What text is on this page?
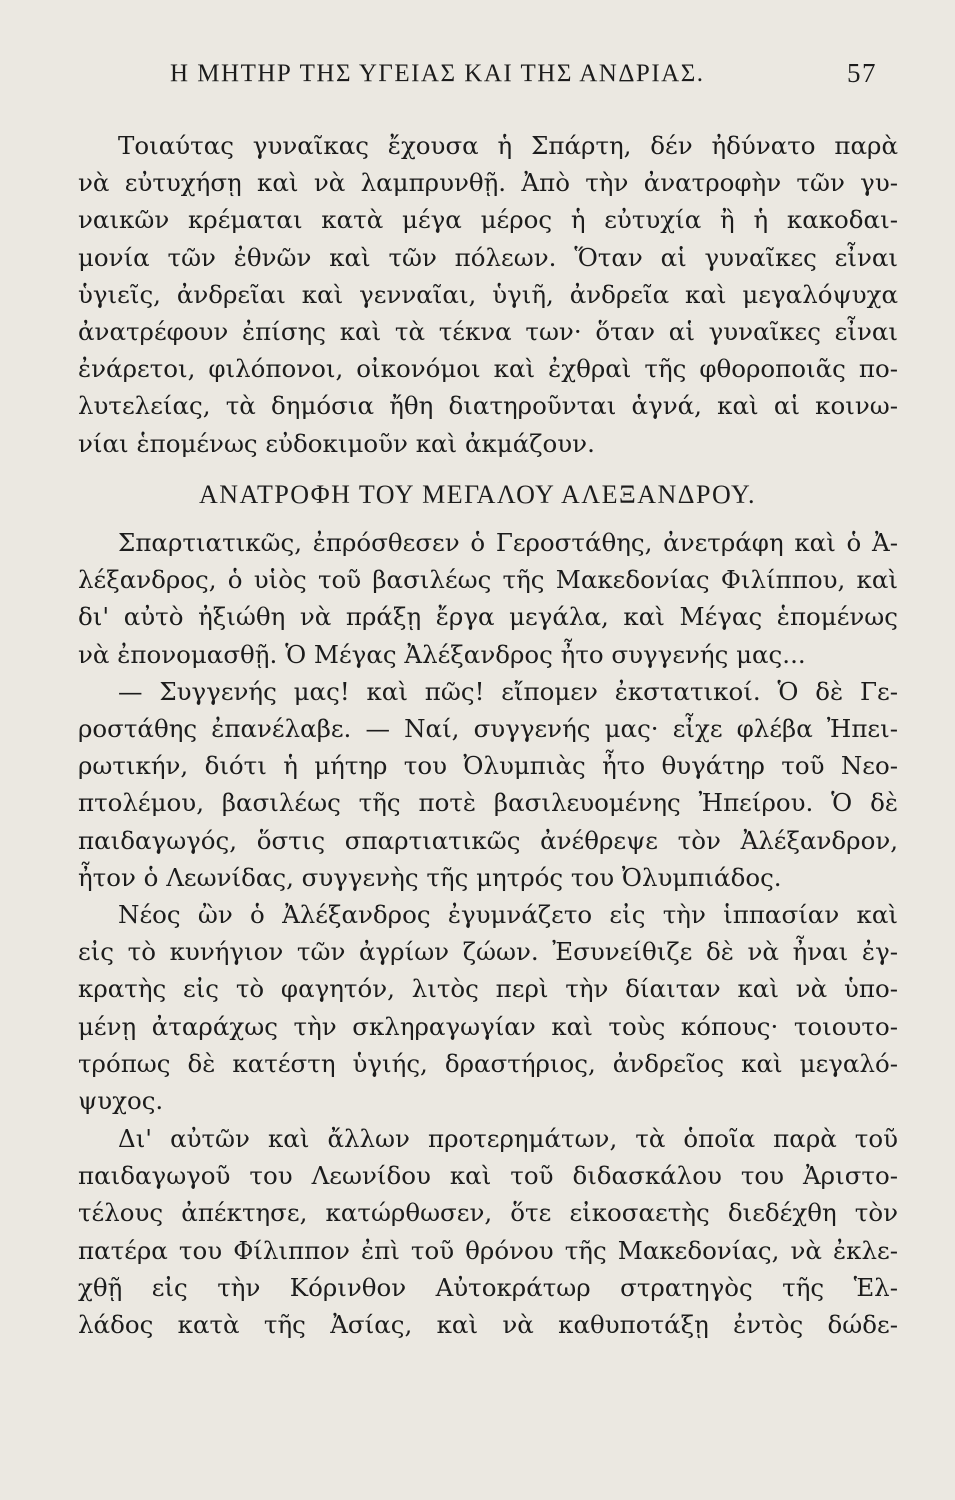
Η ΜΗΤΗΡ ΤΗΣ ΥΓΕΙΑΣ ΚΑΙ ΤΗΣ ΑΝΔΡΙΑΣ.	57
Τοιαύτας γυναῖκας ἔχουσα ἡ Σπάρτη, δέν ἠδύνατο παρὰ
νὰ εὐτυχήσῃ καὶ νὰ λαμπρυνθῇ. Ἀπὸ τὴν ἀνατροφὴν τῶν γυ-
ναικῶν κρέμαται κατὰ μέγα μέρος ἡ εὐτυχία ἢ ἡ κακοδαι-
μονία τῶν ἐθνῶν καὶ τῶν πόλεων. Ὅταν αἱ γυναῖκες εἶναι
ὑγιεῖς, ἀνδρεῖαι καὶ γενναῖαι, ὑγιῆ, ἀνδρεῖα καὶ μεγαλόψυχα
ἀνατρέφουν ἐπίσης καὶ τὰ τέκνα των· ὅταν αἱ γυναῖκες εἶναι
ἐνάρετοι, φιλόπονοι, οἰκονόμοι καὶ ἐχθραὶ τῆς φθοροποιᾶς πο-
λυτελείας, τὰ δημόσια ἤθη διατηροῦνται ἁγνά, καὶ αἱ κοινω-
νίαι ἑπομένως εὐδοκιμοῦν καὶ ἀκμάζουν.
ΑΝΑΤΡΟΦΗ ΤΟΥ ΜΕΓΑΛΟΥ ΑΛΕΞΑΝΔΡΟΥ.
Σπαρτιατικῶς, ἐπρόσθεσεν ὁ Γεροστάθης, ἀνετράφη καὶ ὁ Ἀ-
λέξανδρος, ὁ υἱὸς τοῦ βασιλέως τῆς Μακεδονίας Φιλίππου, καὶ
δι' αὐτὸ ἠξιώθη νὰ πράξῃ ἔργα μεγάλα, καὶ Μέγας ἑπομένως
νὰ ἐπονομασθῇ. Ὁ Μέγας Ἀλέξανδρος ἦτο συγγενής μας...
— Συγγενής μας! καὶ πῶς! εἴπομεν ἐκστατικοί. Ὁ δὲ Γε-
ροστάθης ἐπανέλαβε. — Ναί, συγγενής μας· εἶχε φλέβα Ἠπει-
ρωτικήν, διότι ἡ μήτηρ του Ὀλυμπιὰς ἦτο θυγάτηρ τοῦ Νεο-
πτολέμου, βασιλέως τῆς ποτὲ βασιλευομένης Ἠπείρου. Ὁ δὲ
παιδαγωγός, ὅστις σπαρτιατικῶς ἀνέθρεψε τὸν Ἀλέξανδρον,
ἦτον ὁ Λεωνίδας, συγγενὴς τῆς μητρός του Ὀλυμπιάδος.
Νέος ὢν ὁ Ἀλέξανδρος ἐγυμνάζετο εἰς τὴν ἱππασίαν καὶ
εἰς τὸ κυνήγιον τῶν ἀγρίων ζώων. Ἐσυνείθιζε δὲ νὰ ἦναι ἐγ-
κρατὴς εἰς τὸ φαγητόν, λιτὸς περὶ τὴν δίαιταν καὶ νὰ ὑπο-
μένῃ ἀταράχως τὴν σκληραγωγίαν καὶ τοὺς κόπους· τοιουτο-
τρόπως δὲ κατέστη ὑγιής, δραστήριος, ἀνδρεῖος καὶ μεγαλό-
ψυχος.
Δι' αὐτῶν καὶ ἄλλων προτερημάτων, τὰ ὁποῖα παρὰ τοῦ
παιδαγωγοῦ του Λεωνίδου καὶ τοῦ διδασκάλου του Ἀριστο-
τέλους ἀπέκτησε, κατώρθωσεν, ὅτε εἰκοσαετὴς διεδέχθη τὸν
πατέρα του Φίλιππον ἐπὶ τοῦ θρόνου τῆς Μακεδονίας, νὰ ἐκλε-
χθῇ εἰς τὴν Κόρινθον Αὐτοκράτωρ στρατηγὸς τῆς Ἑλ-
λάδος κατὰ τῆς Ἀσίας, καὶ νὰ καθυποτάξῃ ἐντὸς δώδε-
